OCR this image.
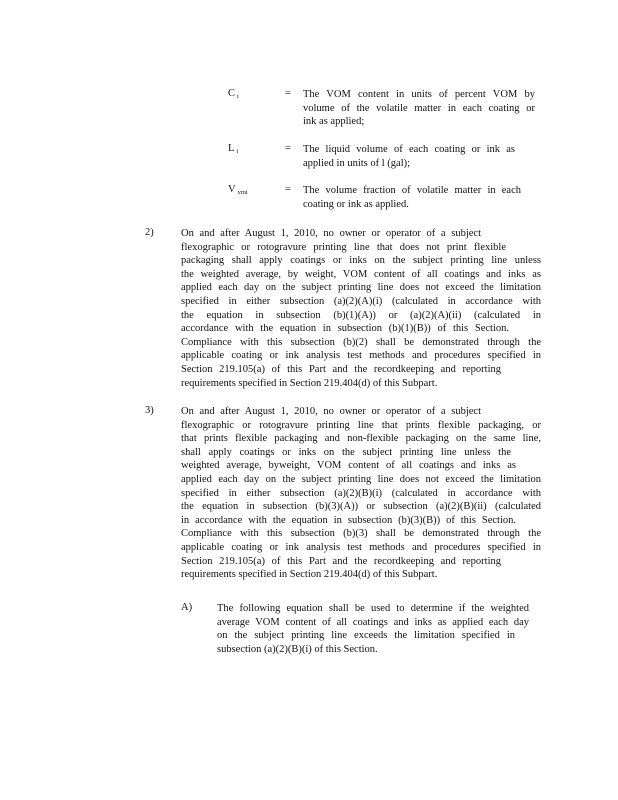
C $_i$	= The VOM content in units of percent VOM by
volume of the volatile matter in each coating or
ink as applied;
L $_i$	= The liquid volume of each coating or ink as
applied in units of l (gal);
V $_{vmi}$	= The volume fraction of volatile matter in each
coating or ink as applied.
2)	On and after August 1, 2010, no owner or operator of a subject
flexographic or rotogravure printing line that does not print flexible
packaging shall apply coatings or inks on the subject printing line unless
the weighted average, by weight, VOM content of all coatings and inks as
applied each day on the subject printing line does not exceed the limitation
specified in either subsection (a)(2)(A)(i) (calculated in accordance with
the equation in subsection (b)(1)(A)) or (a)(2)(A)(ii) (calculated in
accordance with the equation in subsection (b)(1)(B)) of this Section.
Compliance with this subsection (b)(2) shall be demonstrated through the
applicable coating or ink analysis test methods and procedures specified in
Section 219.105(a) of this Part and the recordkeeping and reporting
requirements specified in Section 219.404(d) of this Subpart.
3)	On and after August 1, 2010, no owner or operator of a subject
flexographic or rotogravure printing line that prints flexible packaging, or
that prints flexible packaging and non-flexible packaging on the same line,
shall apply coatings or inks on the subject printing line unless the
weighted average, byweight, VOM content of all coatings and inks as
applied each day on the subject printing line does not exceed the limitation
specified in either subsection (a)(2)(B)(i) (calculated in accordance with
the equation in subsection (b)(3)(A)) or subsection (a)(2)(B)(ii) (calculated
in accordance with the equation in subsection (b)(3)(B)) of this Section.
Compliance with this subsection (b)(3) shall be demonstrated through the
applicable coating or ink analysis test methods and procedures specified in
Section 219.105(a) of this Part and the recordkeeping and reporting
requirements specified in Section 219.404(d) of this Subpart.
A) The following equation shall be used to determine if the weighted
average VOM content of all coatings and inks as applied each day
on the subject printing line exceeds the limitation specified in
subsection (a)(2)(B)(i) of this Section.
